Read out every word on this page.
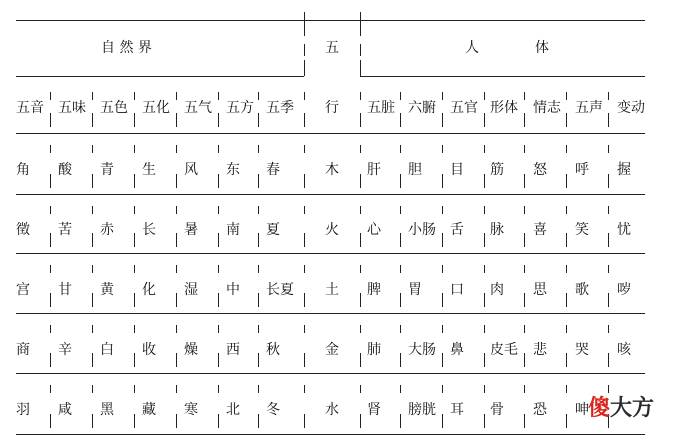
自 然 界	五	人	体
五音 五味 五色 五化 五气 五方 五季 行 五脏 六腑 五官 形体 情志 五声 变动
角 酸 青 生 风 东 春	木 肝 胆 目 筋 怒 呼 握
徵 苦 赤 长 暑 南 夏	火 心 小肠 舌 脉 喜 笑 忧
宫 甘 黄 化 湿 中 长夏 土 脾 胃 口 肉 思 歌 哕
商 辛 白 收 燥 西 秋	金 肺 大肠 鼻 皮毛 悲 哭 咳
羽 咸 黑 藏 寒 北 冬	水 肾 膀胱 耳 骨 恐 呻 傻 大方
